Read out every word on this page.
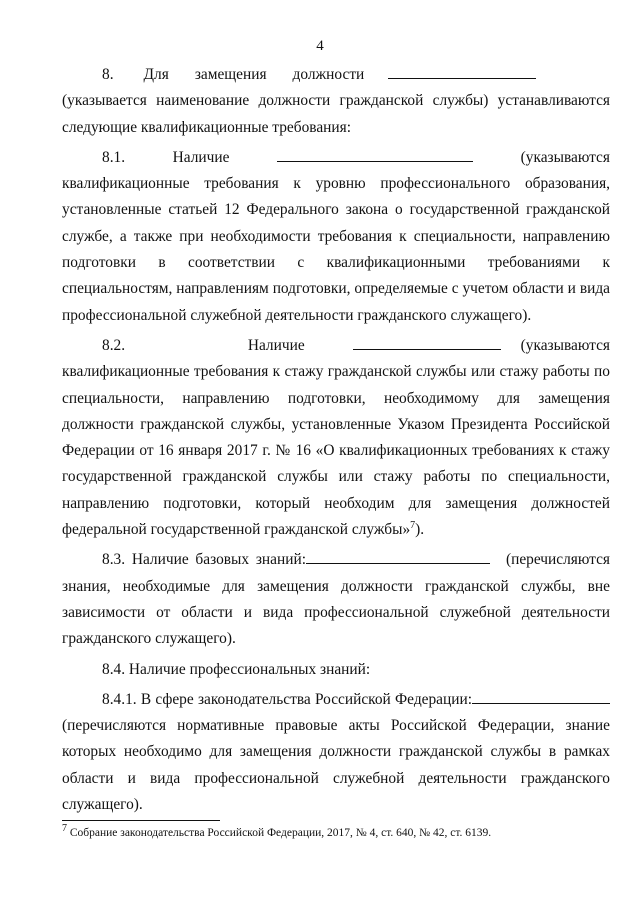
4

8. Для замещения должности(указывается наименование должности гражданской службы) устанавливаются следующие квалификационные требования:

8.1. Наличие	(указываются квалификационные требования к уровню профессионального образования, установленные статьей 12 Федерального закона о государственной гражданской службе, а также при необходимости требования к специальности, направлению подготовки в соответствии с квалификационными требованиями к специальностям, направлениям подготовки, определяемые с учетом области и вида профессиональной служебной деятельности гражданского служащего).

8.2. Наличие	(указываются квалификационные требования к стажу гражданской службы или стажу работы по специальности, направлению подготовки, необходимому для замещения должности гражданской службы, установленные Указом Президента Российской Федерации от 16 января 2017 г. № 16 «О квалификационных требованиях к стажу государственной гражданской службы или стажу работы по специальности, направлению подготовки, который необходим для замещения должностей федеральной государственной гражданской службы»$^7$).

8.3. Наличие базовых знаний:	(перечисляются знания, необходимые для замещения должности гражданской службы, вне зависимости от области и вида профессиональной служебной деятельности гражданского служащего).

8.4. Наличие профессиональных знаний:

8.4.1. В сфере законодательства Российской Федерации: (перечисляются нормативные правовые акты Российской Федерации, знание которых необходимо для замещения должности гражданской службы в рамках области и вида профессиональной служебной деятельности гражданского служащего).

$^7$ Собрание законодательства Российской Федерации, 2017, № 4, ст. 640, № 42, ст. 6139.
